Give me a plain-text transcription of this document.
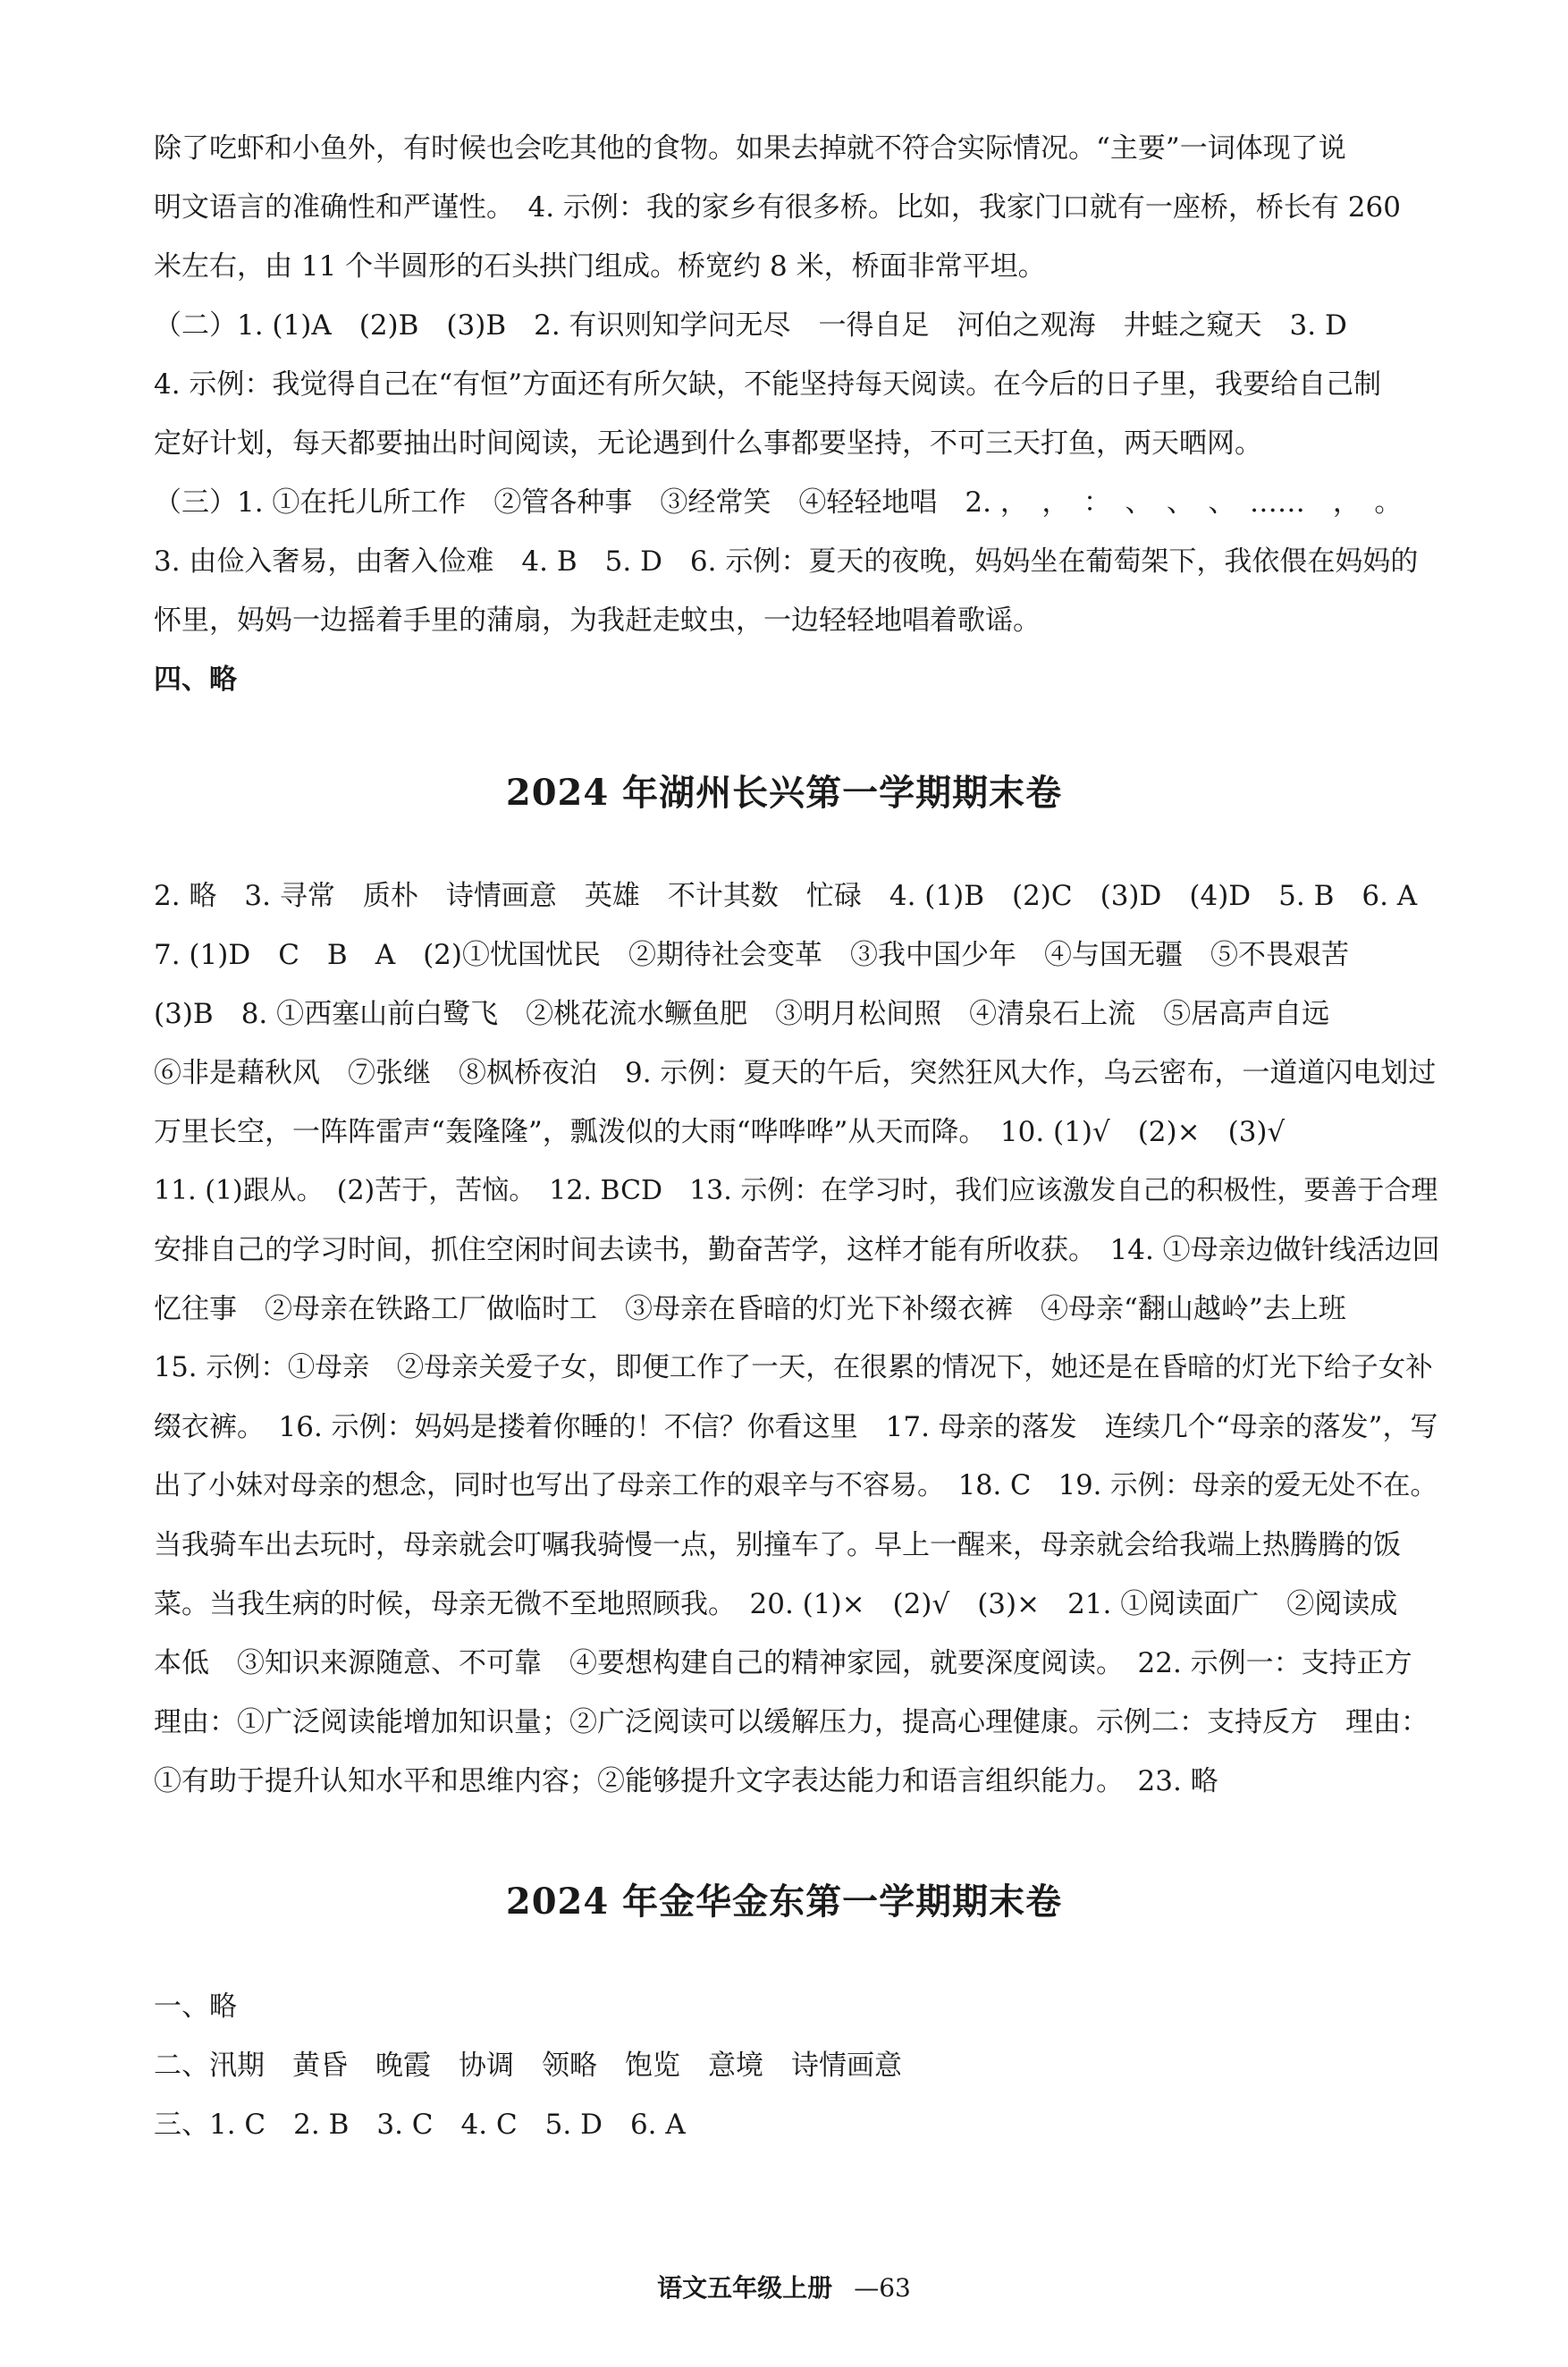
除了吃虾和小鱼外，有时候也会吃其他的食物。如果去掉就不符合实际情况。“主要”一词体现了说
明文语言的准确性和严谨性。　4. 示例：我的家乡有很多桥。比如，我家门口就有一座桥，桥长有 260
米左右，由 11 个半圆形的石头拱门组成。桥宽约 8 米，桥面非常平坦。
（二）1. (1)A　(2)B　(3)B　2. 有识则知学问无尽　一得自足　河伯之观海　井蛙之窥天　3. D
4. 示例：我觉得自己在“有恒”方面还有所欠缺，不能坚持每天阅读。在今后的日子里，我要给自己制
定好计划，每天都要抽出时间阅读，无论遇到什么事都要坚持，不可三天打鱼，两天晒网。
（三）1. ①在托儿所工作　②管各种事　③经常笑　④轻轻地唱　2. ，　，　：　、　、　、　……　，　。
3. 由俭入奢易，由奢入俭难　4. B　5. D　6. 示例：夏天的夜晚，妈妈坐在葡萄架下，我依偎在妈妈的
怀里，妈妈一边摇着手里的蒲扇，为我赶走蚊虫，一边轻轻地唱着歌谣。
四、略
2024 年湖州长兴第一学期期末卷
2. 略　3. 寻常　质朴　诗情画意　英雄　不计其数　忙碌　4. (1)B　(2)C　(3)D　(4)D　5. B　6. A
7. (1)D　C　B　A　(2)①忧国忧民　②期待社会变革　③我中国少年　④与国无疆　⑤不畏艰苦
(3)B　8. ①西塞山前白鹭飞　②桃花流水鳜鱼肥　③明月松间照　④清泉石上流　⑤居高声自远
⑥非是藉秋风　⑦张继　⑧枫桥夜泊　9. 示例：夏天的午后，突然狂风大作，乌云密布，一道道闪电划过
万里长空，一阵阵雷声“轰隆隆”，瓢泼似的大雨“哗哗哗”从天而降。　10. (1)√　(2)×　(3)√
11. (1)跟从。　(2)苦于，苦恼。　12. BCD　13. 示例：在学习时，我们应该激发自己的积极性，要善于合理
安排自己的学习时间，抓住空闲时间去读书，勤奋苦学，这样才能有所收获。　14. ①母亲边做针线活边回
忆往事　②母亲在铁路工厂做临时工　③母亲在昏暗的灯光下补缀衣裤　④母亲“翻山越岭”去上班
15. 示例：①母亲　②母亲关爱子女，即便工作了一天，在很累的情况下，她还是在昏暗的灯光下给子女补
缀衣裤。　16. 示例：妈妈是搂着你睡的！不信？你看这里　17. 母亲的落发　连续几个“母亲的落发”，写
出了小妹对母亲的想念，同时也写出了母亲工作的艰辛与不容易。　18. C　19. 示例：母亲的爱无处不在。
当我骑车出去玩时，母亲就会叮嘱我骑慢一点，别撞车了。早上一醒来，母亲就会给我端上热腾腾的饭
菜。当我生病的时候，母亲无微不至地照顾我。　20. (1)×　(2)√　(3)×　21. ①阅读面广　②阅读成
本低　③知识来源随意、不可靠　④要想构建自己的精神家园，就要深度阅读。　22. 示例一：支持正方
理由：①广泛阅读能增加知识量；②广泛阅读可以缓解压力，提高心理健康。示例二：支持反方　理由：
①有助于提升认知水平和思维内容；②能够提升文字表达能力和语言组织能力。　23. 略
2024 年金华金东第一学期期末卷
一、略
二、汛期　黄昏　晚霞　协调　领略　饱览　意境　诗情画意
三、1. C　2. B　3. C　4. C　5. D　6. A
语文五年级上册 —63
